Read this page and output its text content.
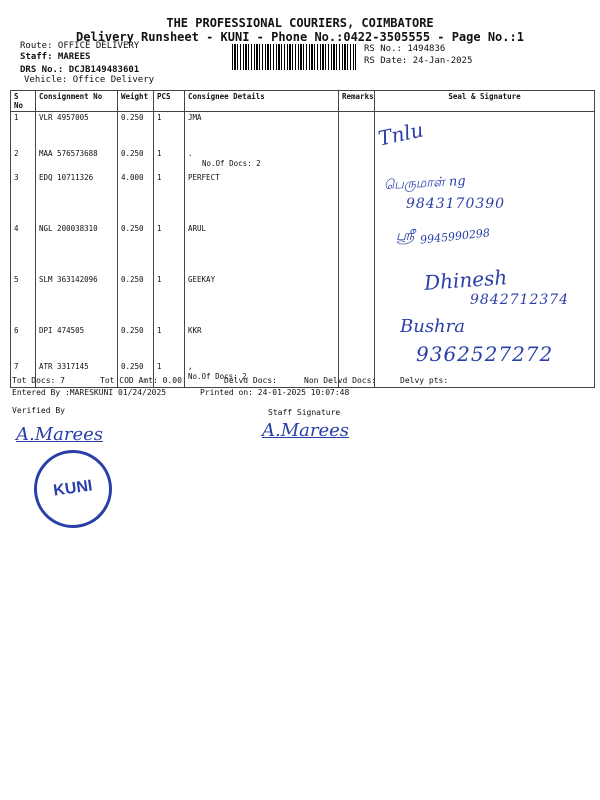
THE PROFESSIONAL COURIERS, COIMBATORE
Delivery Runsheet - KUNI - Phone No.:0422-3505555 - Page No.:1
Route: OFFICE DELIVERY
Staff: MAREES
DRS No.: DCJB149483601
Vehicle: Office Delivery
RS No.: 1494836
RS Date: 24-Jan-2025
S No	Consignment No	Weight	PCS	Consignee Details	Remarks	Seal & Signature
1	VLR 4957005	0.250	1	JMA		
2	MAA 576573688	0.250	1	.
No.Of Docs: 2		

3	EDQ 10711326	4.000	1	PERFECT		
4	NGL 200038310	0.250	1	ARUL		
5	SLM 363142096	0.250	1	GEEKAY		
6	DPI 474505	0.250	1	KKR		
7	ATR 3317145	0.250	1	,
No.Of Docs: 2		

Tnlu
பெருமாள் ng
9843170390
ஸ்ரீ 9945990298
Dhinesh
9842712374
Bushra
9362527272
Tot Docs: 7	Tot COD Amt: 0.00	Delvd Docs:	Non Delvd Docs:	Delvy pts:
Entered By :MARESKUNI 01/24/2025	Printed on: 24-01-2025 10:07:48
Verified By	Staff Signature
A.Marees	A.Marees
KUNI
